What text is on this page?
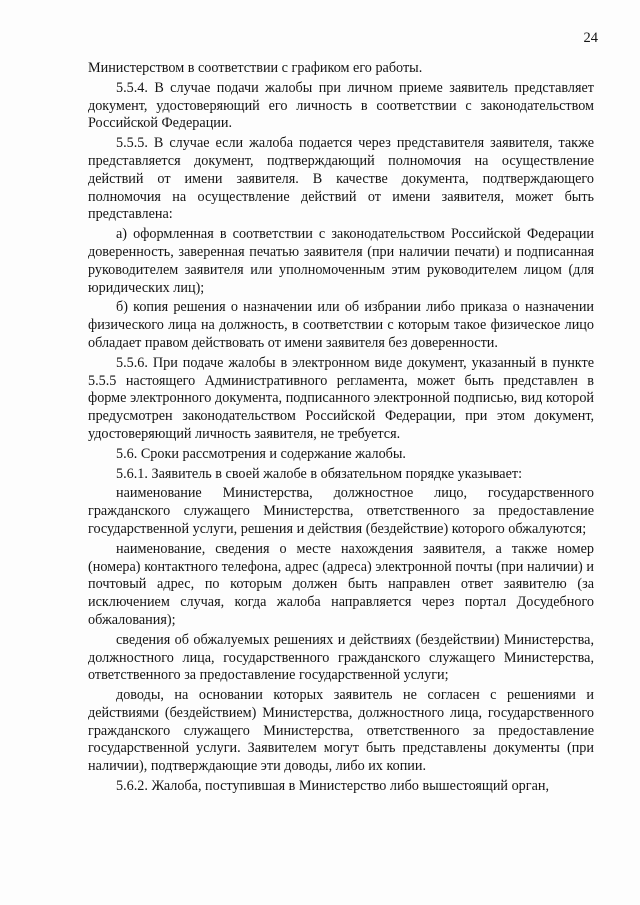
24

Министерством в соответствии с графиком его работы.

5.5.4. В случае подачи жалобы при личном приеме заявитель представляет документ, удостоверяющий его личность в соответствии с законодательством Российской Федерации.

5.5.5. В случае если жалоба подается через представителя заявителя, также представляется документ, подтверждающий полномочия на осуществление действий от имени заявителя. В качестве документа, подтверждающего полномочия на осуществление действий от имени заявителя, может быть представлена:

а) оформленная в соответствии с законодательством Российской Федерации доверенность, заверенная печатью заявителя (при наличии печати) и подписанная руководителем заявителя или уполномоченным этим руководителем лицом (для юридических лиц);

б) копия решения о назначении или об избрании либо приказа о назначении физического лица на должность, в соответствии с которым такое физическое лицо обладает правом действовать от имени заявителя без доверенности.

5.5.6. При подаче жалобы в электронном виде документ, указанный в пункте 5.5.5 настоящего Административного регламента, может быть представлен в форме электронного документа, подписанного электронной подписью, вид которой предусмотрен законодательством Российской Федерации, при этом документ, удостоверяющий личность заявителя, не требуется.

5.6. Сроки рассмотрения и содержание жалобы.

5.6.1. Заявитель в своей жалобе в обязательном порядке указывает:

наименование Министерства, должностное лицо, государственного гражданского служащего Министерства, ответственного за предоставление государственной услуги, решения и действия (бездействие) которого обжалуются;

наименование, сведения о месте нахождения заявителя, а также номер (номера) контактного телефона, адрес (адреса) электронной почты (при наличии) и почтовый адрес, по которым должен быть направлен ответ заявителю (за исключением случая, когда жалоба направляется через портал Досудебного обжалования);

сведения об обжалуемых решениях и действиях (бездействии) Министерства, должностного лица, государственного гражданского служащего Министерства, ответственного за предоставление государственной услуги;

доводы, на основании которых заявитель не согласен с решениями и действиями (бездействием) Министерства, должностного лица, государственного гражданского служащего Министерства, ответственного за предоставление государственной услуги. Заявителем могут быть представлены документы (при наличии), подтверждающие эти доводы, либо их копии.

5.6.2. Жалоба, поступившая в Министерство либо вышестоящий орган,
